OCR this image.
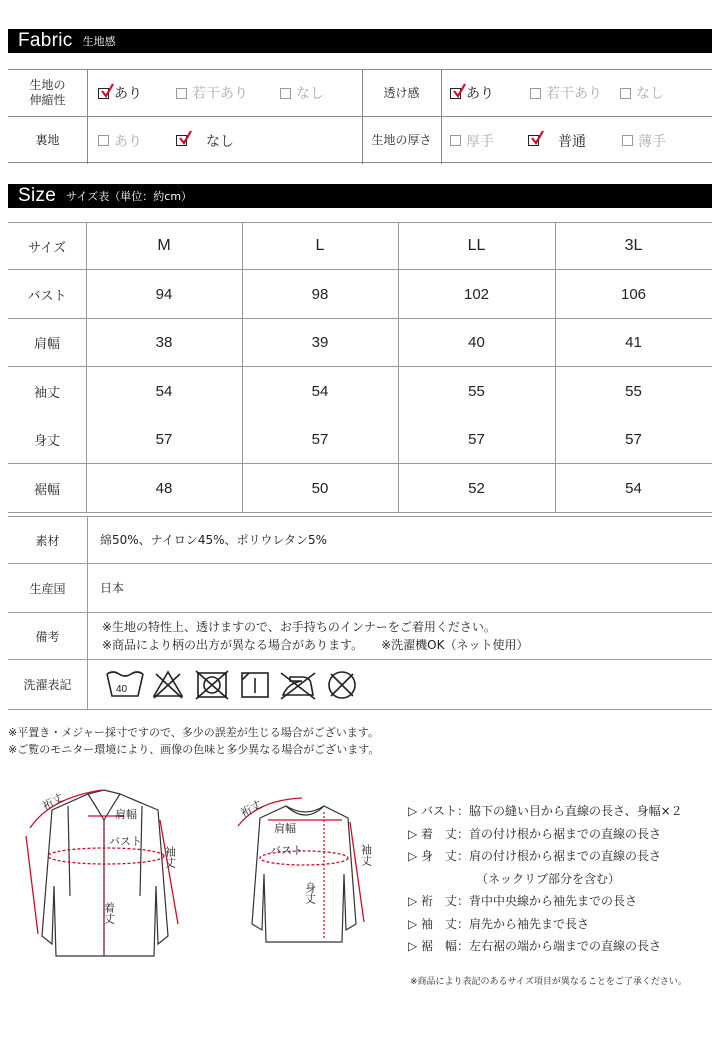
Fabric 生地感
生地の
伸縮性	あり	若干あり	なし	透け感	あり	若干あり なし
裏地	あり	なし	生地の厚さ	厚手	普通	薄手
Size サイズ表（単位：約cm）
サイズ	M	L	LL	3L
バスト	94	98	102	106
肩幅	38	39	40	41
袖丈	54	54	55	55
身丈	57	57	57	57
裾幅	48	50	52	54
素材	綿50%、ナイロン45%、ポリウレタン5%
生産国	日本
備考
※生地の特性上、透けますので、お手持ちのインナーをご着用ください。
※商品により柄の出方が異なる場合があります。　　※洗濯機OK（ネット使用）
洗濯表記	40
※平置き・メジャー採寸ですので、多少の誤差が生じる場合がございます。
※ご覧のモニター環境により、画像の色味と多少異なる場合がございます。
裄丈
肩幅
バスト
袖丈
着丈
裄丈
肩幅
バスト	袖丈
身丈
▷ バスト：脇下の縫い目から直線の長さ、身幅×２
▷ 着　丈：首の付け根から裾までの直線の長さ
▷ 身　丈：肩の付け根から裾までの直線の長さ
（ネックリブ部分を含む）
▷ 裄　丈：背中中央線から袖先までの長さ
▷ 袖　丈：肩先から袖先まで長さ
▷ 裾　幅：左右裾の端から端までの直線の長さ
※商品により表記のあるサイズ項目が異なることをご了承ください。
